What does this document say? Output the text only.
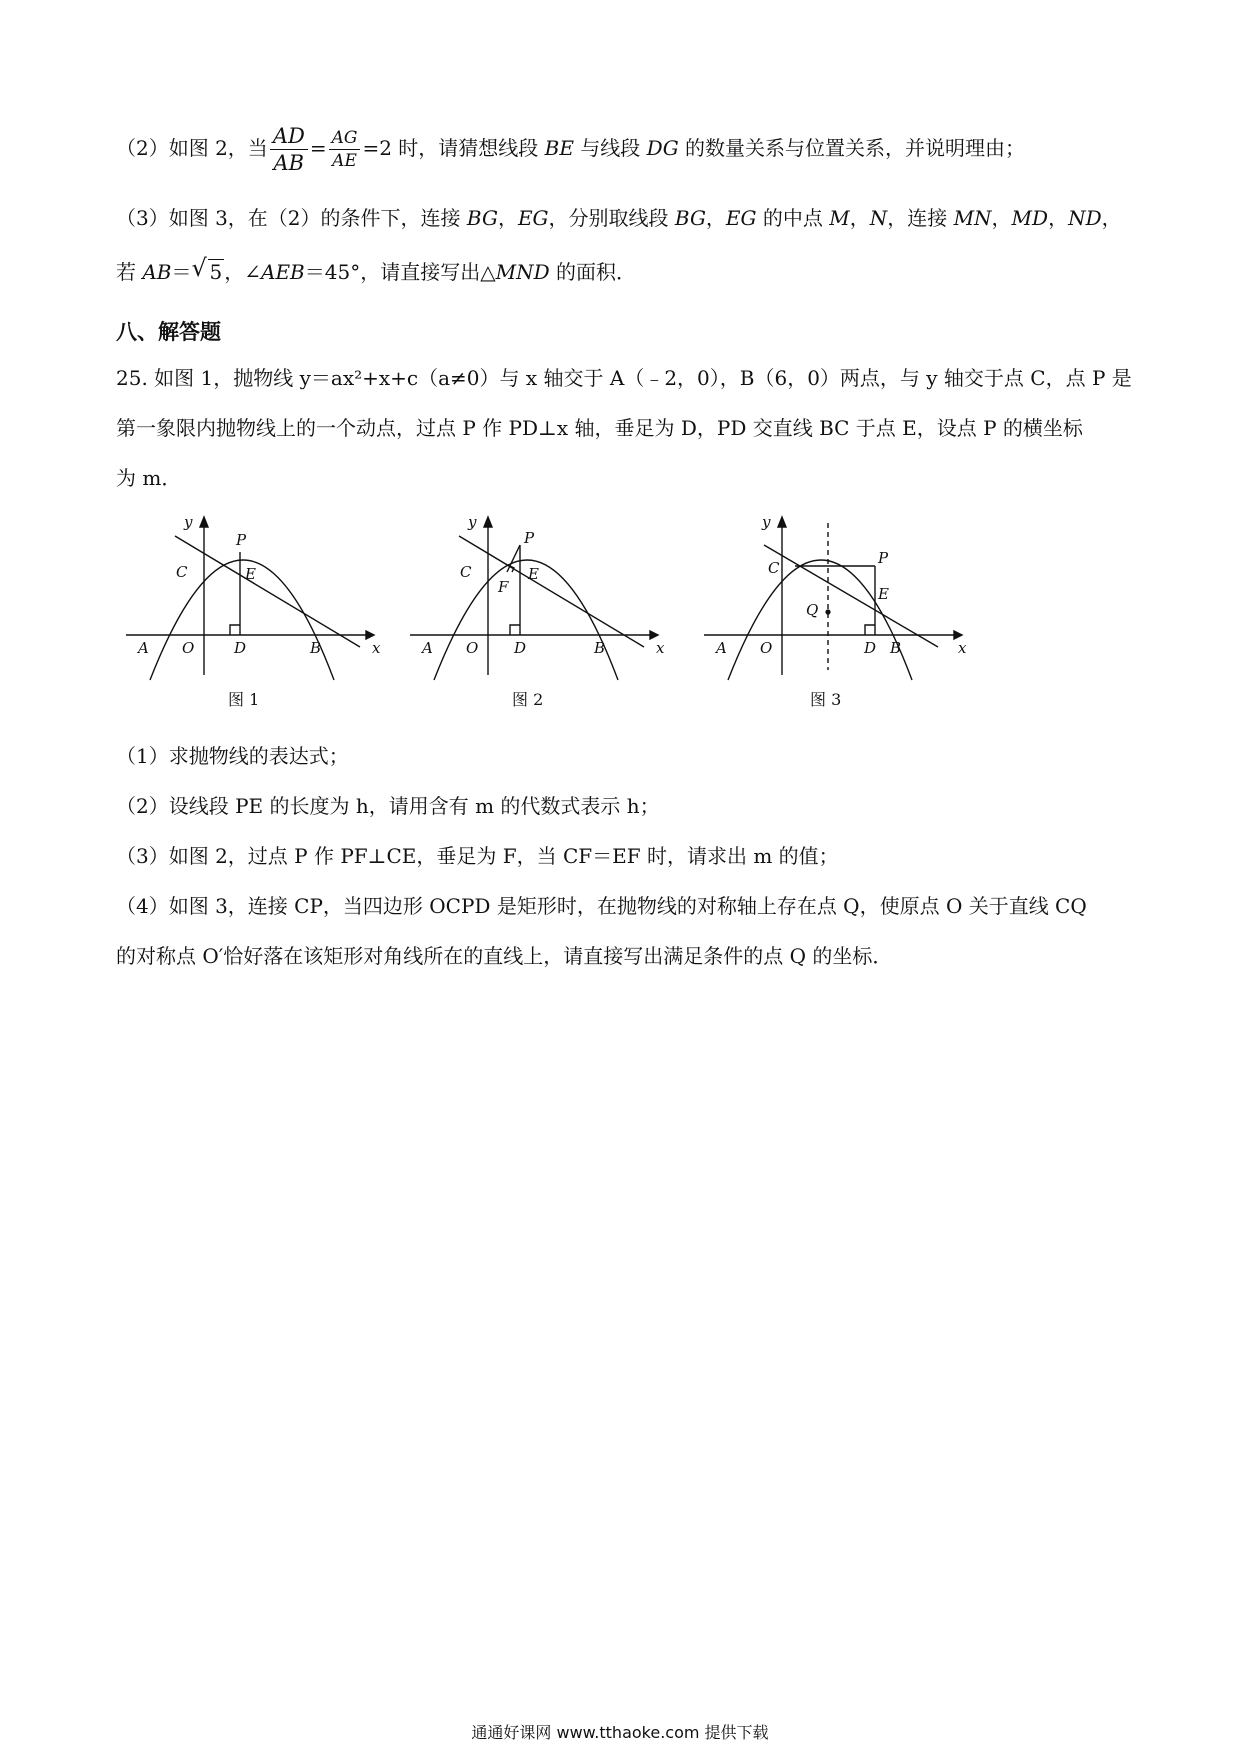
（2）如图 2，当 $\frac{AD}{AB} = \frac{AG}{AE} =2$ 时，请猜想线段 BE 与线段 DG 的数量关系与位置关系，并说明理由；
（3）如图 3，在（2）的条件下，连接 BG，EG，分别取线段 BG，EG 的中点 M，N，连接 MN，MD，ND，
若 AB＝ √ 5 ，∠AEB＝45°，请直接写出△MND 的面积．
八、解答题
25. 如图 1，抛物线 y＝ax²+x+c（a≠0）与 x 轴交于 A（﹣2，0），B（6，0）两点，与 y 轴交于点 C，点 P 是
第一象限内抛物线上的一个动点，过点 P 作 PD⊥x 轴，垂足为 D，PD 交直线 BC 于点 E，设点 P 的横坐标
为 m．
y
x
P
C	E
A O	D	B
图 1
y
x
P
C	E
F
A O D	B
图 2
y
x
P
C
E
Q
A O	D B
图 3
（1）求抛物线的表达式；
（2）设线段 PE 的长度为 h，请用含有 m 的代数式表示 h；
（3）如图 2，过点 P 作 PF⊥CE，垂足为 F，当 CF＝EF 时，请求出 m 的值；
（4）如图 3，连接 CP，当四边形 OCPD 是矩形时，在抛物线的对称轴上存在点 Q，使原点 O 关于直线 CQ
的对称点 O′恰好落在该矩形对角线所在的直线上，请直接写出满足条件的点 Q 的坐标．
通通好课网 www.tthaoke.com 提供下载
